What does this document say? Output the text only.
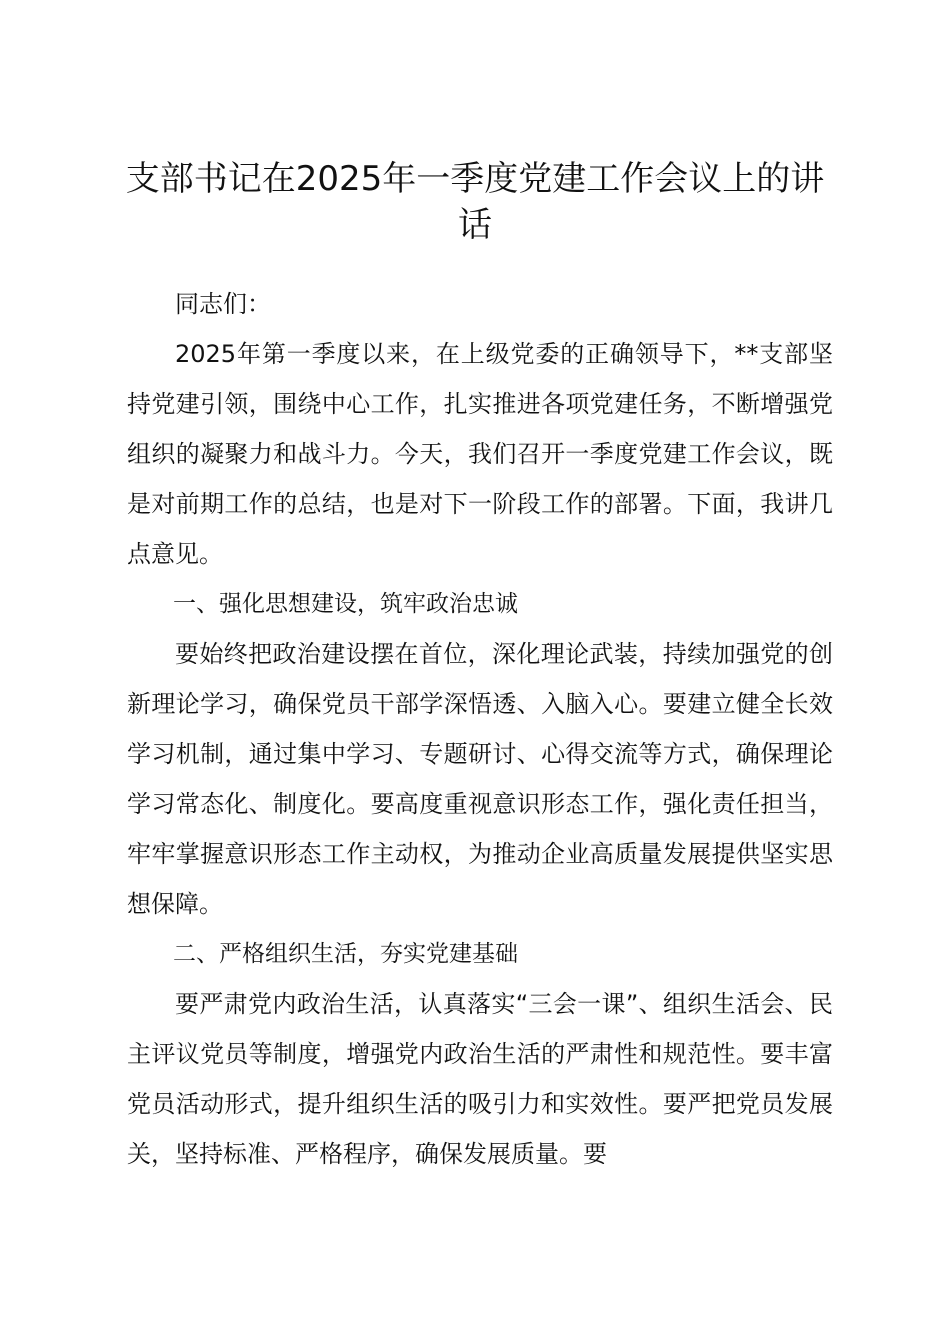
支部书记在2025年一季度党建工作会议上的讲话

同志们：

2025年第一季度以来，在上级党委的正确领导下，**支部坚持党建引领，围绕中心工作，扎实推进各项党建任务，不断增强党组织的凝聚力和战斗力。今天，我们召开一季度党建工作会议，既是对前期工作的总结，也是对下一阶段工作的部署。下面，我讲几点意见。

一、强化思想建设，筑牢政治忠诚

要始终把政治建设摆在首位，深化理论武装，持续加强党的创新理论学习，确保党员干部学深悟透、入脑入心。要建立健全长效学习机制，通过集中学习、专题研讨、心得交流等方式，确保理论学习常态化、制度化。要高度重视意识形态工作，强化责任担当，牢牢掌握意识形态工作主动权，为推动企业高质量发展提供坚实思想保障。

二、严格组织生活，夯实党建基础

要严肃党内政治生活，认真落实“三会一课”、组织生活会、民主评议党员等制度，增强党内政治生活的严肃性和规范性。要丰富党员活动形式，提升组织生活的吸引力和实效性。要严把党员发展关，坚持标准、严格程序，确保发展质量。要
